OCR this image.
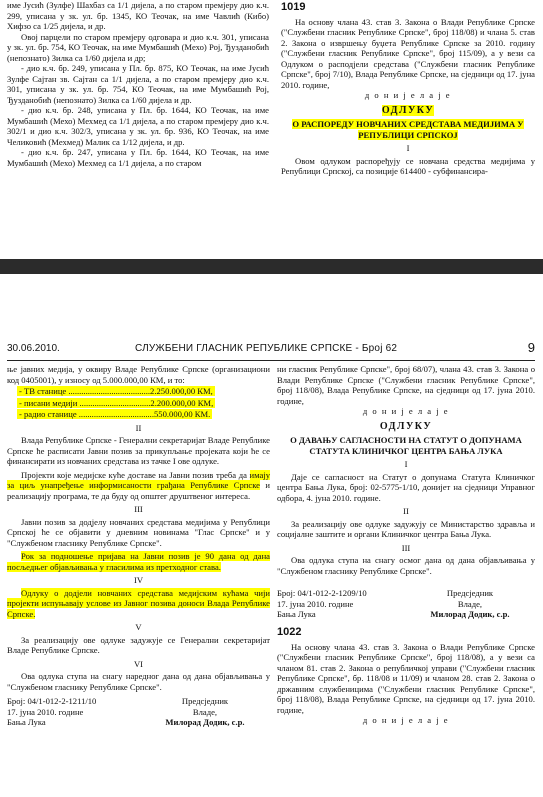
име Јусић (Зулфе) Шахбаз са 1/1 дијела, а по старом премјеру дио к.ч. 299, уписана у зк. ул. бр. 1345, КО Теочак, на име Чавлић (Кибо) Хифзо са 1/25 дијела, и др.

Овој парцели по старом премјеру одговара и дио к.ч. 301, уписана у зк. ул. бр. 754, КО Теочак, на име Мумбашић (Мехо) Рој, Ђузданобић (непознато) Зилка са 1/60 дијела и др;

- дио к.ч. бр. 249, уписана у Пл. бр. 875, КО Теочак, на име Јусић Зулфе Сајтан зв. Сајтан са 1/1 дијела, а по старом премјеру дио к.ч. 301, уписана у зк. ул. бр. 754, КО Теочак, на име Мумбашић Рој, Ђузданобић (непознато) Зилка са 1/60 дијела и др.

- дио к.ч. бр. 248, уписана у Пл. бр. 1644, КО Теочак, на име Мумбашић (Мехо) Мехмед са 1/1 дијела, а по старом премјеру дио к.ч. 302/1 и дио к.ч. 302/3, уписана у зк. ул. бр. 936, КО Теочак, на име Челиковић (Мехмед) Малик са 1/12 дијела, и др.

- дио к.ч. бр. 247, уписана у Пл. бр. 1644, КО Теочак, на име Мумбашић (Мехо) Мехмед са 1/1 дијела, а по старом

1019

На основу члана 43. став 3. Закона о Влади Републике Српске ("Службени гласник Републике Српске", број 118/08) и члана 5. став 2. Закона о извршењу буџета Републике Српске за 2010. годину ("Службени гласник Републике Српске", број 115/09), а у вези са Одлуком о расподјели средстава ("Службени гласник Републике Српске", број 7/10), Влада Републике Српске, на сједници од 17. јуна 2010. године,

д о н и ј е л а ј е

ОДЛУКУ
О РАСПОРЕДУ НОВЧАНИХ СРЕДСТАВА МЕДИЈИМА У РЕПУБЛИЦИ СРПСКОЈ
I

Овом одлуком распоређују се новчана средства медијима у Републици Српској, са позиције 614400 - субфинансира-

30.06.2010.	СЛУЖБЕНИ ГЛАСНИК РЕПУБЛИКЕ СРПСКЕ - Број 62	9

ње јавних медија, у оквиру Владе Републике Српске (организациони код 0405001), у износу од 5.000.000,00 КМ, и то:

- ТВ станице ......................................2.250.000,00 КМ,

- писани медији .................................2.200.000,00 КМ,

- радио станице ...................................550.000,00 КМ.

II

Влада Републике Српске - Генерални секретаријат Владе Републике Српске ће расписати Јавни позив за прикупљање пројеката који ће се финансирати из новчаних средстава из тачке I ове одлуке.

Пројекти које медијске куће доставе на Јавни позив треба да имају за циљ унапређење информисаности грађана Републике Српске и реализацију програма, те да буду од општег друштвеног интереса.

III

Јавни позив за додјелу новчаних средстава медијима у Републици Српској ће се објавити у дневним новинама "Глас Српске" и у "Службеном гласнику Републике Српске".

Рок за подношење пријава на Јавни позив је 90 дана од дана посљедњег објављивања у гласилима из претходног става.

IV

Одлуку о додјели новчаних средстава медијским кућама чији пројекти испуњавају услове из Јавног позива доноси Влада Републике Српске.

V

За реализацију ове одлуке задужује се Генерални секретаријат Владе Републике Српске.

VI

Ова одлука ступа на снагу наредног дана од дана објављивања у "Службеном гласнику Републике Српске".

Број: 04/1-012-2-1211/10
17. јуна 2010. године
Бања Лука
Предсједник
Владе,
Милорад Додик, с.р.

ни гласник Републике Српске", број 68/07), члана 43. став 3. Закона о Влади Републике Српске ("Службени гласник Републике Српске", број 118/08), Влада Републике Српске, на сједници од 17. јуна 2010. године,

д о н и ј е л а ј е

ОДЛУКУ
О ДАВАЊУ САГЛАСНОСТИ НА СТАТУТ О ДОПУНАМА СТАТУТА КЛИНИЧКОГ ЦЕНТРА БАЊА ЛУКА
I

Даје се сагласност на Статут о допунама Статута Клиничког центра Бања Лука, број: 02-5775-1/10, донијет на сједници Управног одбора, 4. јуна 2010. године.

II

За реализацију ове одлуке задужују се Министарство здравља и социјалне заштите и органи Клиничког центра Бања Лука.

III

Ова одлука ступа на снагу осмог дана од дана објављивања у "Службеном гласнику Републике Српске".

Број: 04/1-012-2-1209/10
17. јуна 2010. године
Бања Лука
Предсједник
Владе,
Милорад Додик, с.р.
1022

На основу члана 43. став 3. Закона о Влади Републике Српске ("Службени гласник Републике Српске", број 118/08), а у вези са чланом 81. став 2. Закона о републичкој управи ("Службени гласник Републике Српске", бр. 118/08 и 11/09) и чланом 28. став 2. Закона о државним службеницима ("Службени гласник Републике Српске", број 118/08), Влада Републике Српске, на сједници од 17. јуна 2010. године,

д о н и ј е л а ј е
